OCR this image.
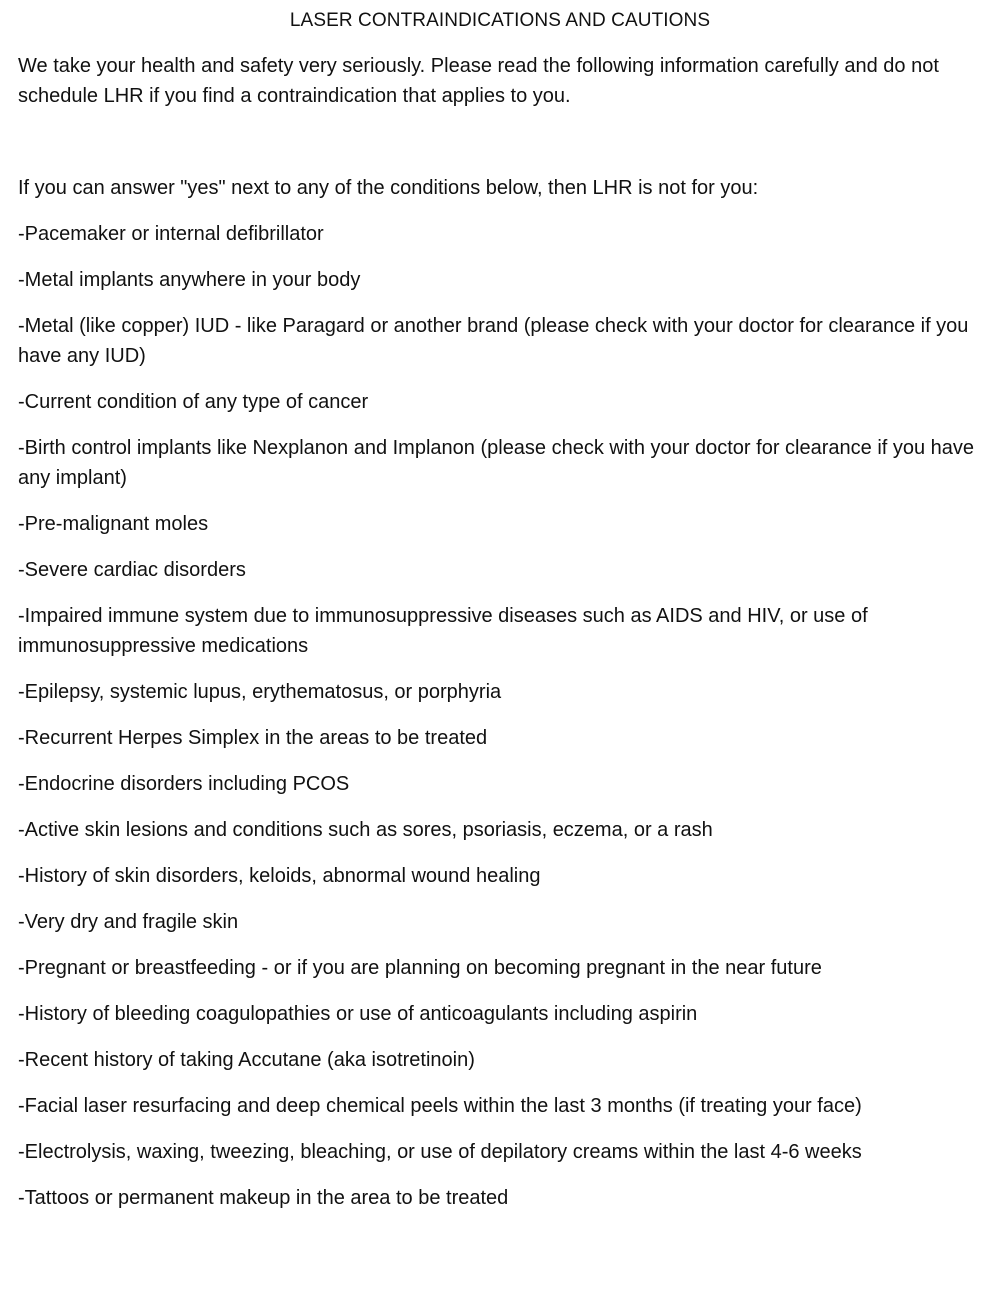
LASER CONTRAINDICATIONS AND CAUTIONS

We take your health and safety very seriously. Please read the following information carefully and do not schedule LHR if you find a contraindication that applies to you.

If you can answer "yes" next to any of the conditions below, then LHR is not for you:

-Pacemaker or internal defibrillator
-Metal implants anywhere in your body
-Metal (like copper) IUD - like Paragard or another brand (please check with your doctor for clearance if you have any IUD)
-Current condition of any type of cancer
-Birth control implants like Nexplanon and Implanon (please check with your doctor for clearance if you have any implant)
-Pre-malignant moles
-Severe cardiac disorders
-Impaired immune system due to immunosuppressive diseases such as AIDS and HIV, or use of immunosuppressive medications
-Epilepsy, systemic lupus, erythematosus, or porphyria
-Recurrent Herpes Simplex in the areas to be treated
-Endocrine disorders including PCOS
-Active skin lesions and conditions such as sores, psoriasis, eczema, or a rash
-History of skin disorders, keloids, abnormal wound healing
-Very dry and fragile skin
-Pregnant or breastfeeding - or if you are planning on becoming pregnant in the near future
-History of bleeding coagulopathies or use of anticoagulants including aspirin
-Recent history of taking Accutane (aka isotretinoin)
-Facial laser resurfacing and deep chemical peels within the last 3 months (if treating your face)
-Electrolysis, waxing, tweezing, bleaching, or use of depilatory creams within the last 4-6 weeks
-Tattoos or permanent makeup in the area to be treated
